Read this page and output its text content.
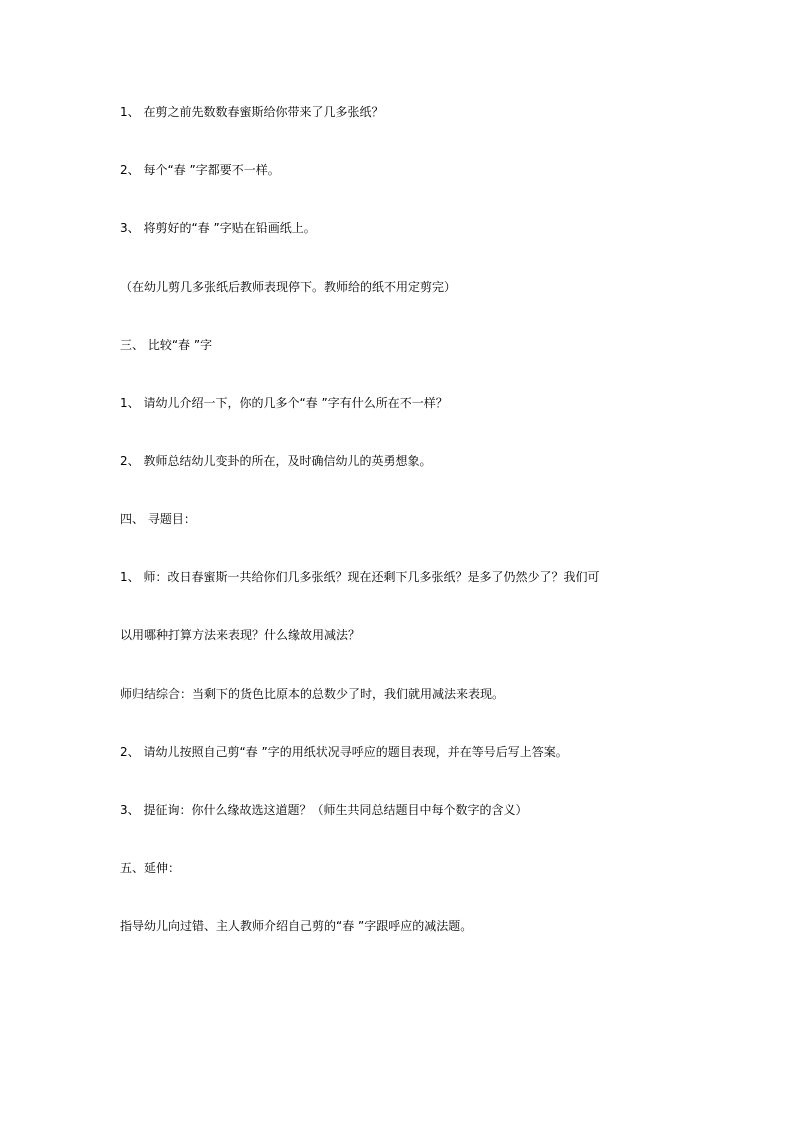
1、 在剪之前先数数春蜜斯给你带来了几多张纸？
2、 每个“春 ”字都要不一样。
3、 将剪好的“春 ”字贴在铅画纸上。
（在幼儿剪几多张纸后教师表现停下。教师给的纸不用定剪完）
三、 比较“春 ”字
1、 请幼儿介绍一下，你的几多个“春 ”字有什么所在不一样？
2、 教师总结幼儿变卦的所在，及时确信幼儿的英勇想象。
四、 寻题目：
1、 师：改日春蜜斯一共给你们几多张纸？现在还剩下几多张纸？是多了仍然少了？我们可
以用哪种打算方法来表现？什么缘故用减法？
师归结综合：当剩下的货色比原本的总数少了时，我们就用减法来表现。
2、 请幼儿按照自己剪“春 ”字的用纸状况寻呼应的题目表现，并在等号后写上答案。
3、 提征询：你什么缘故选这道题？（师生共同总结题目中每个数字的含义）
五、延伸：
指导幼儿向过错、主人教师介绍自己剪的“春 ”字跟呼应的减法题。
